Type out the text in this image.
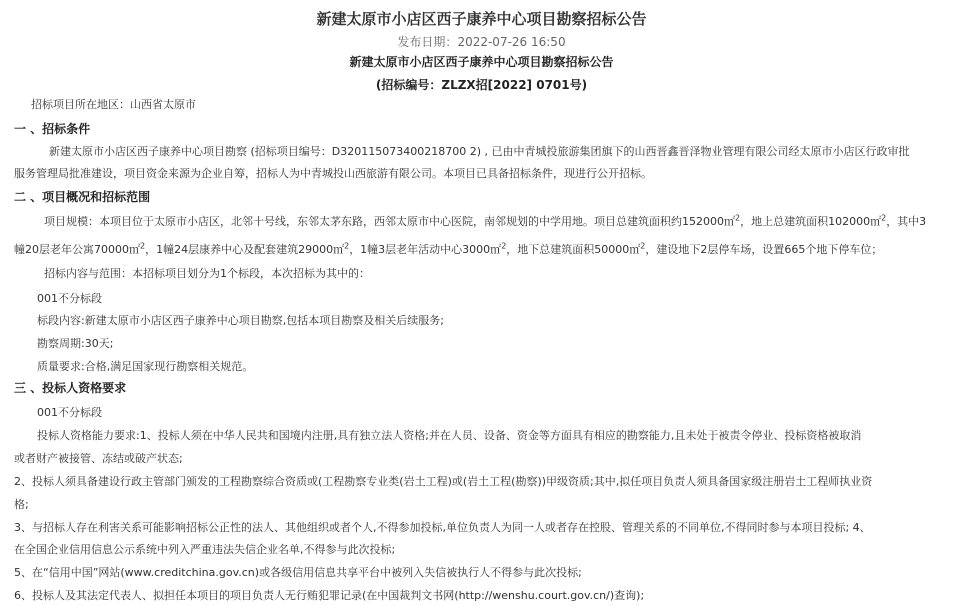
新建太原市小店区西子康养中心项目勘察招标公告
发布日期：2022-07-26 16:50
新建太原市小店区西子康养中心项目勘察招标公告
(招标编号：ZLZX招[2022] 0701号)
招标项目所在地区：山西省太原市
一 、招标条件
新建太原市小店区西子康养中心项目勘察 (招标项目编号：D320115073400218700 2) , 已由中青城投旅游集团旗下的山西晋鑫晋泽物业管理有限公司经太原市小店区行政审批
服务管理局批准建设，项目资金来源为企业自筹，招标人为中青城投山西旅游有限公司。本项目已具备招标条件，现进行公开招标。
二 、项目概况和招标范围
项目规模：本项目位于太原市小店区，北邻十号线，东邻太茅东路，西邻太原市中心医院，南邻规划的中学用地。项目总建筑面积约152000㎡$^2$，地上总建筑面积102000㎡$^2$，其中3
幢20层老年公寓70000㎡$^2$，1幢24层康养中心及配套建筑29000㎡$^2$，1幢3层老年活动中心3000㎡$^2$，地下总建筑面积50000㎡$^2$，建设地下2层停车场，设置665个地下停车位；
招标内容与范围：本招标项目划分为1个标段，本次招标为其中的：
001不分标段
标段内容:新建太原市小店区西子康养中心项目勘察,包括本项目勘察及相关后续服务;
勘察周期:30天;
质量要求:合格,满足国家现行勘察相关规范。
三 、投标人资格要求
001不分标段
投标人资格能力要求:1、投标人须在中华人民共和国境内注册,具有独立法人资格;并在人员、设备、资金等方面具有相应的勘察能力,且未处于被责令停业、投标资格被取消
或者财产被接管、冻结或破产状态;
2、投标人须具备建设行政主管部门颁发的工程勘察综合资质或(工程勘察专业类(岩土工程)或(岩土工程(勘察))甲级资质;其中,拟任项目负责人须具备国家级注册岩土工程师执业资
格;
3、与招标人存在利害关系可能影响招标公正性的法人、其他组织或者个人,不得参加投标,单位负责人为同一人或者存在控股、管理关系的不同单位,不得同时参与本项目投标; 4、
在全国企业信用信息公示系统中列入严重违法失信企业名单,不得参与此次投标;
5、在“信用中国”网站(www.creditchina.gov.cn)或各级信用信息共享平台中被列入失信被执行人不得参与此次投标;
6、投标人及其法定代表人、拟担任本项目的项目负责人无行贿犯罪记录(在中国裁判文书网(http://wenshu.court.gov.cn/)查询);
